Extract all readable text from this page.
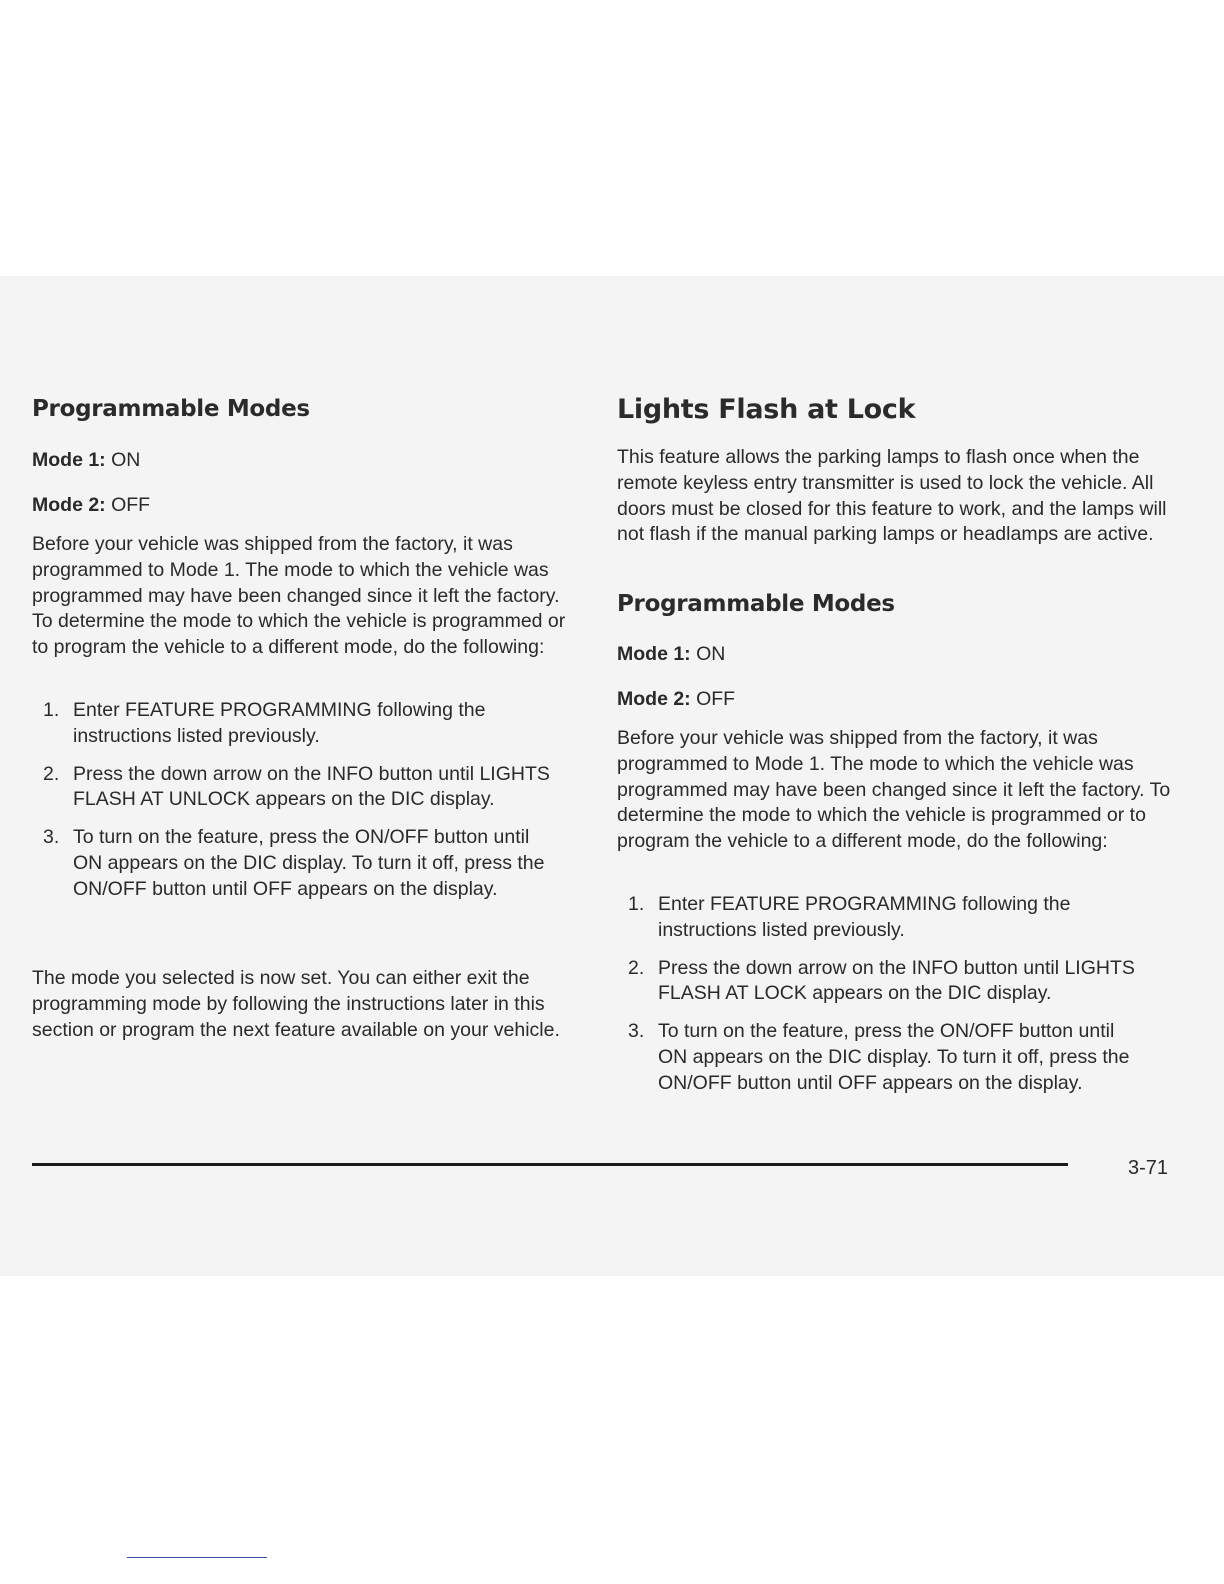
Programmable Modes
Mode 1: ON
Mode 2: OFF

Before your vehicle was shipped from the factory, it was programmed to Mode 1. The mode to which the vehicle was programmed may have been changed since it left the factory. To determine the mode to which the vehicle is programmed or to program the vehicle to a different mode, do the following:

1. Enter FEATURE PROGRAMMING following the instructions listed previously.
2. Press the down arrow on the INFO button until LIGHTS FLASH AT UNLOCK appears on the DIC display.
3. To turn on the feature, press the ON/OFF button until ON appears on the DIC display. To turn it off, press the ON/OFF button until OFF appears on the display.

The mode you selected is now set. You can either exit the programming mode by following the instructions later in this section or program the next feature available on your vehicle.

Lights Flash at Lock

This feature allows the parking lamps to flash once when the remote keyless entry transmitter is used to lock the vehicle. All doors must be closed for this feature to work, and the lamps will not flash if the manual parking lamps or headlamps are active.

Programmable Modes
Mode 1: ON
Mode 2: OFF

Before your vehicle was shipped from the factory, it was programmed to Mode 1. The mode to which the vehicle was programmed may have been changed since it left the factory. To determine the mode to which the vehicle is programmed or to program the vehicle to a different mode, do the following:

1. Enter FEATURE PROGRAMMING following the instructions listed previously.
2. Press the down arrow on the INFO button until LIGHTS FLASH AT LOCK appears on the DIC display.
3. To turn on the feature, press the ON/OFF button until ON appears on the DIC display. To turn it off, press the ON/OFF button until OFF appears on the display.
3-71
